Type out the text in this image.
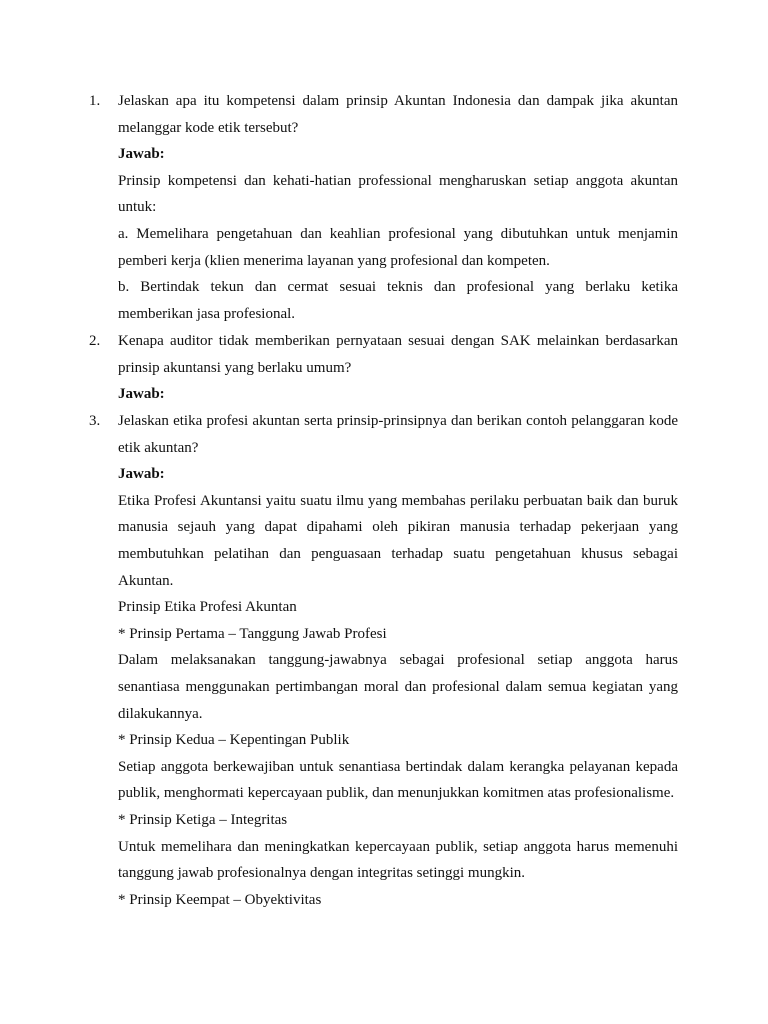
1.	Jelaskan apa itu kompetensi dalam prinsip Akuntan Indonesia dan dampak jika akuntan
melanggar kode etik tersebut?
Jawab:
Prinsip kompetensi dan kehati-hatian professional mengharuskan setiap anggota akuntan
untuk:
a. Memelihara pengetahuan dan keahlian profesional yang dibutuhkan untuk menjamin
pemberi kerja (klien menerima layanan yang profesional dan kompeten.
b. Bertindak tekun dan cermat sesuai teknis dan profesional yang berlaku ketika
memberikan jasa profesional.
2.	Kenapa auditor tidak memberikan pernyataan sesuai dengan SAK melainkan berdasarkan
prinsip akuntansi yang berlaku umum?
Jawab:
3.	Jelaskan etika profesi akuntan serta prinsip-prinsipnya dan berikan contoh pelanggaran kode
etik akuntan?
Jawab:
Etika Profesi Akuntansi yaitu suatu ilmu yang membahas perilaku perbuatan baik dan buruk
manusia sejauh yang dapat dipahami oleh pikiran manusia terhadap pekerjaan yang
membutuhkan pelatihan dan penguasaan terhadap suatu pengetahuan khusus sebagai
Akuntan.
Prinsip Etika Profesi Akuntan
* Prinsip Pertama – Tanggung Jawab Profesi
Dalam melaksanakan tanggung-jawabnya sebagai profesional setiap anggota harus
senantiasa menggunakan pertimbangan moral dan profesional dalam semua kegiatan yang
dilakukannya.
* Prinsip Kedua – Kepentingan Publik
Setiap anggota berkewajiban untuk senantiasa bertindak dalam kerangka pelayanan kepada
publik, menghormati kepercayaan publik, dan menunjukkan komitmen atas profesionalisme.
* Prinsip Ketiga – Integritas
Untuk memelihara dan meningkatkan kepercayaan publik, setiap anggota harus memenuhi
tanggung jawab profesionalnya dengan integritas setinggi mungkin.
* Prinsip Keempat – Obyektivitas
